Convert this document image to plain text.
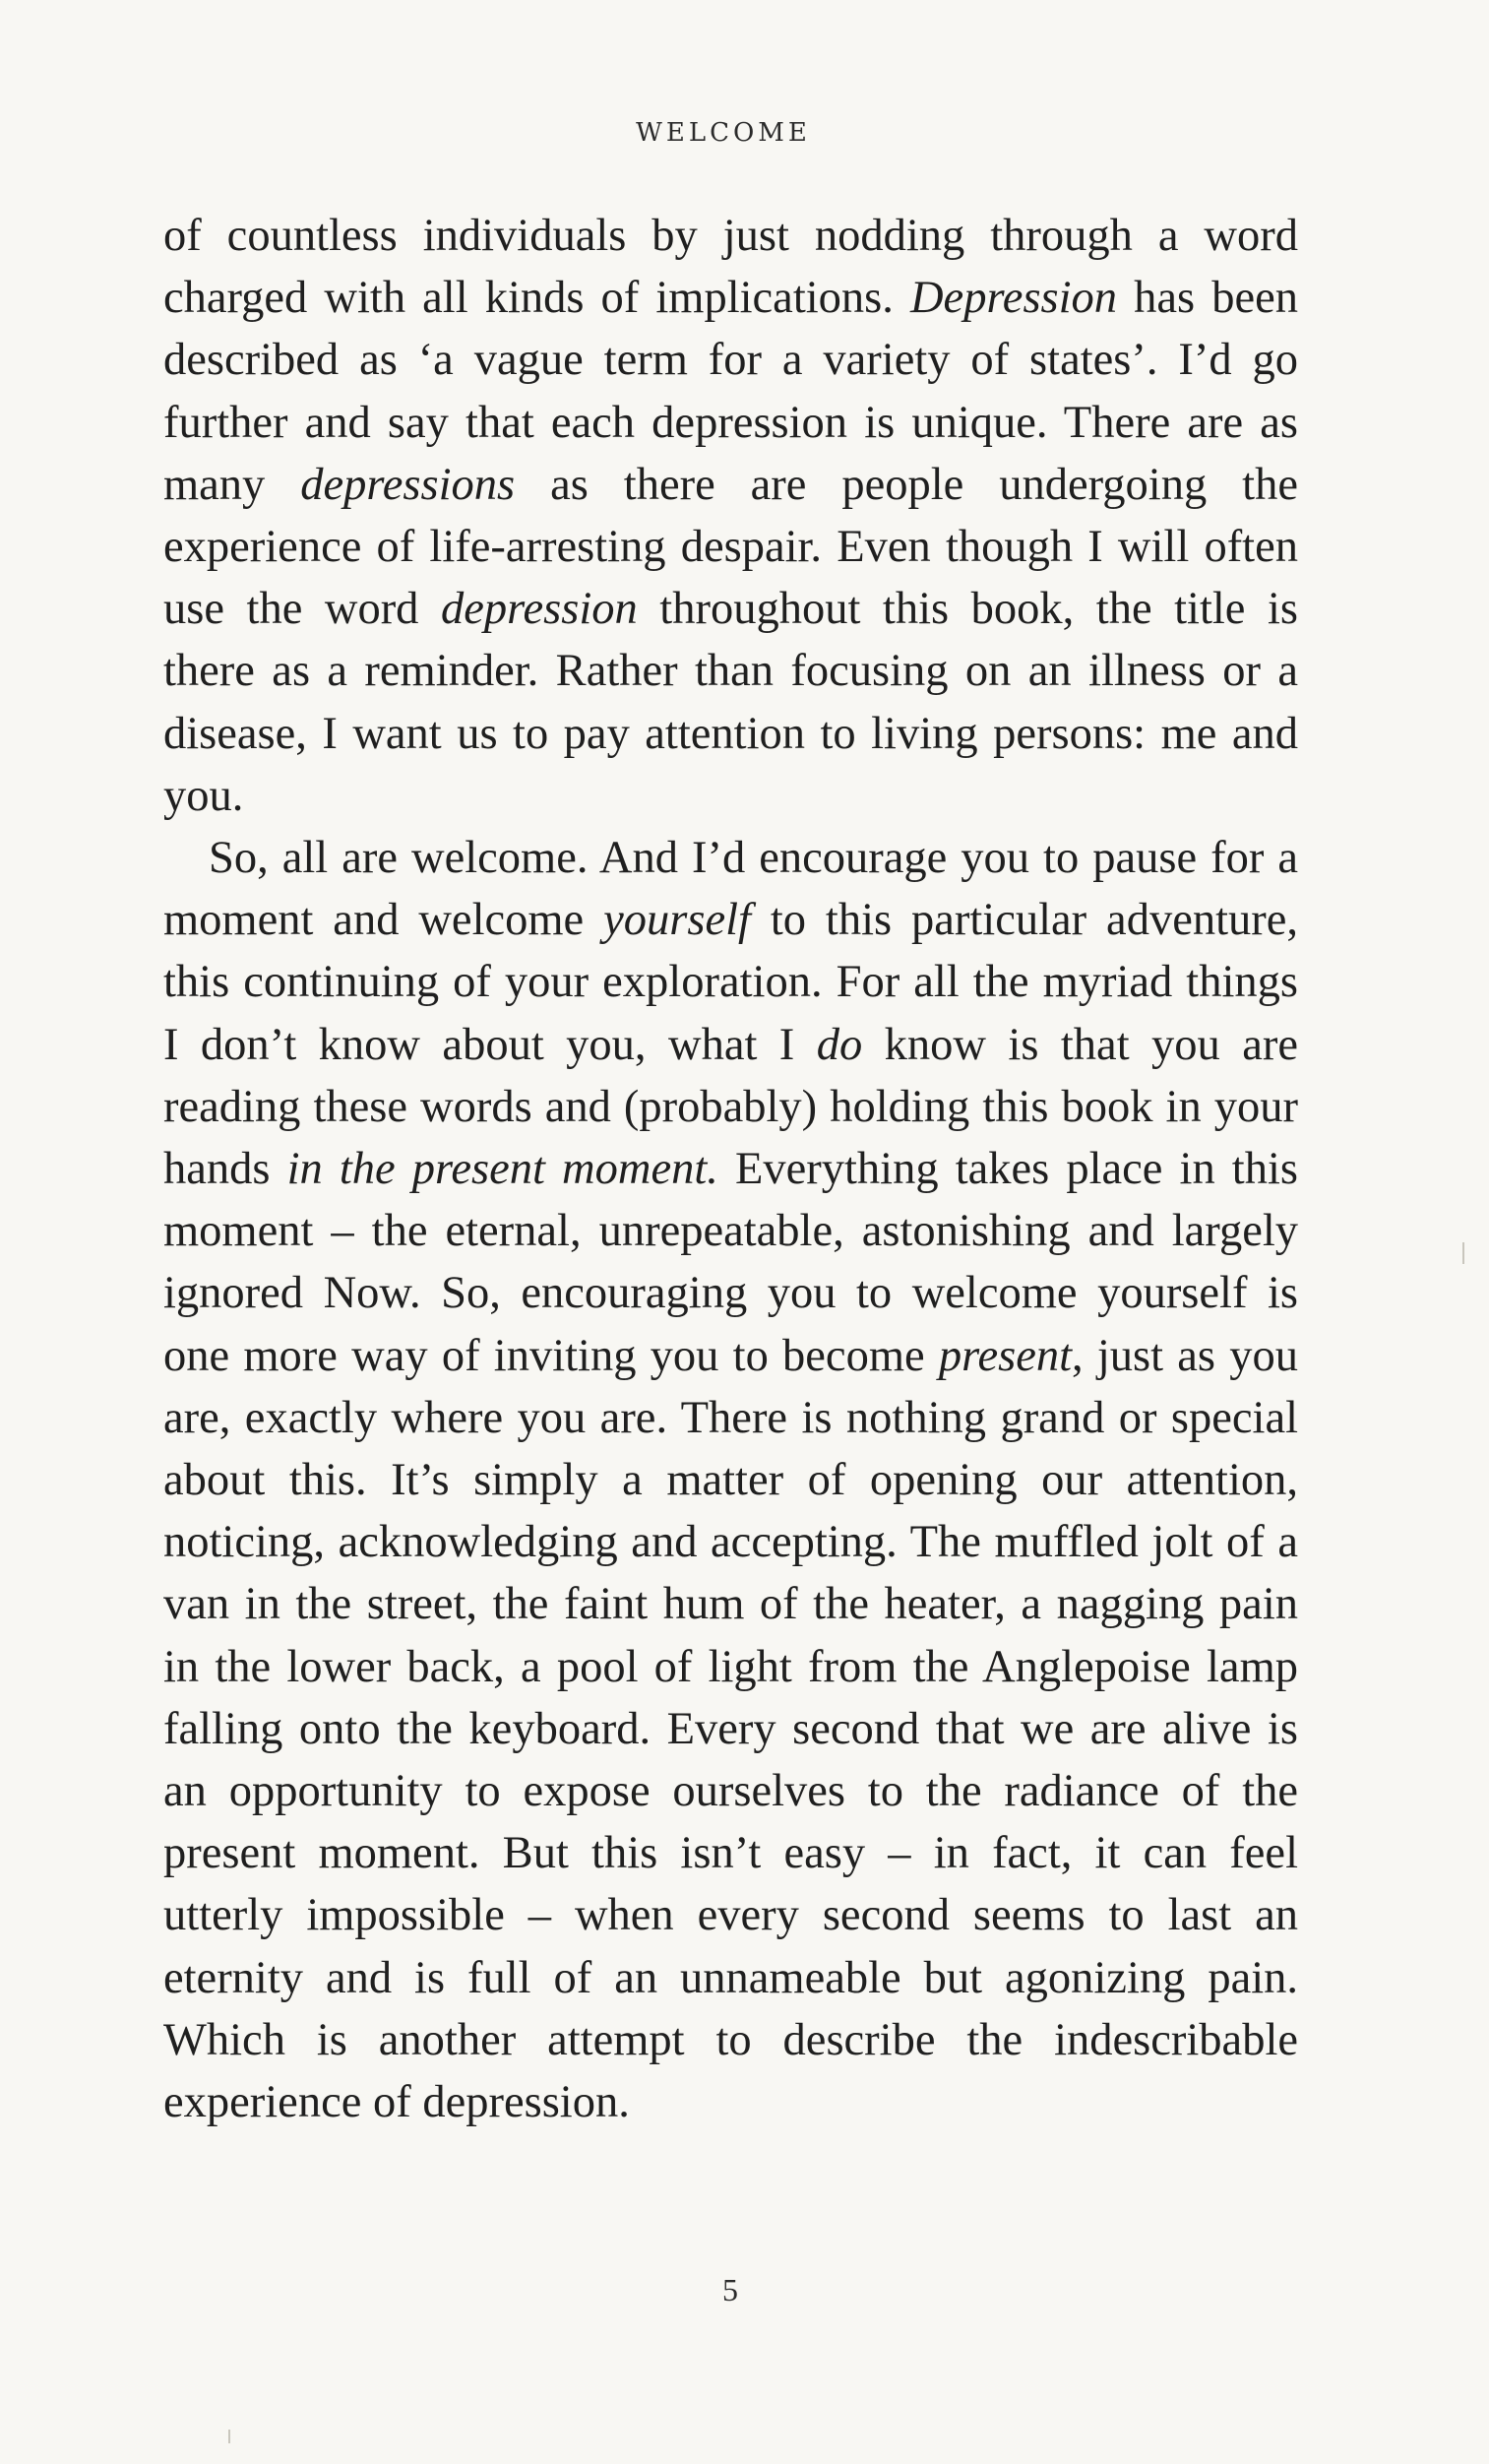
WELCOME

of countless individuals by just nodding through a word charged with all kinds of implications. Depression has been described as ‘a vague term for a variety of states’. I’d go further and say that each depression is unique. There are as many depressions as there are people undergoing the experience of life-arresting despair. Even though I will often use the word depression throughout this book, the title is there as a reminder. Rather than focusing on an illness or a disease, I want us to pay attention to living persons: me and you.

So, all are welcome. And I’d encourage you to pause for a moment and welcome yourself to this particular adventure, this continuing of your exploration. For all the myriad things I don’t know about you, what I do know is that you are reading these words and (probably) holding this book in your hands in the present moment. Everything takes place in this moment – the eternal, unrepeatable, astonishing and largely ignored Now. So, encouraging you to welcome yourself is one more way of inviting you to become present, just as you are, exactly where you are. There is nothing grand or special about this. It’s simply a matter of opening our attention, noticing, acknowledging and accepting. The muffled jolt of a van in the street, the faint hum of the heater, a nagging pain in the lower back, a pool of light from the Anglepoise lamp falling onto the keyboard. Every second that we are alive is an opportunity to expose ourselves to the radiance of the present moment. But this isn’t easy – in fact, it can feel utterly impossible – when every second seems to last an eternity and is full of an unnameable but agonizing pain. Which is another attempt to describe the indescribable experience of depression.

5
